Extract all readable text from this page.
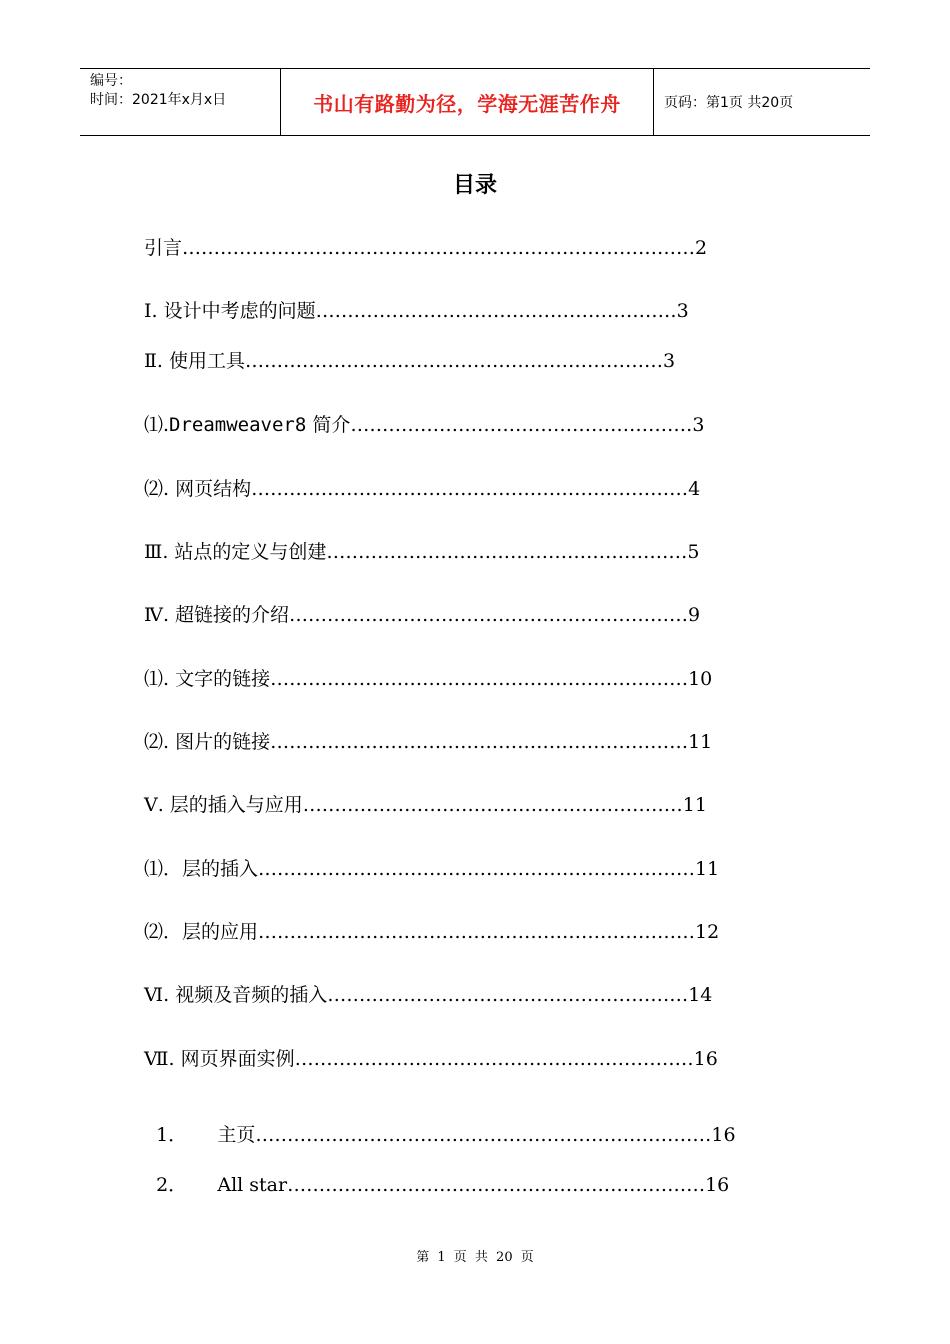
编号：
时间：2021年x月x日	书山有路勤为径，学海无涯苦作舟	页码：第1页 共20页
目录
引言………………………………………………………………………2
Ⅰ. 设计中考虑的问题…………………………………………………3
Ⅱ. 使用工具…………………………………………………………3
⑴.Dreamweaver8 简介………………………………………………3
⑵. 网页结构……………………………………………………………4
Ⅲ. 站点的定义与创建…………………………………………………5
Ⅳ. 超链接的介绍………………………………………………………9
⑴. 文字的链接…………………………………………………………10
⑵. 图片的链接…………………………………………………………11
Ⅴ. 层的插入与应用……………………………………………………11
⑴．层的插入……………………………………………………………11
⑵．层的应用……………………………………………………………12
Ⅵ. 视频及音频的插入…………………………………………………14
Ⅶ. 网页界面实例………………………………………………………16

1．     主页………………………………………………………………16

2．     All star…………………………………………………………16

第 1 页 共 20 页
